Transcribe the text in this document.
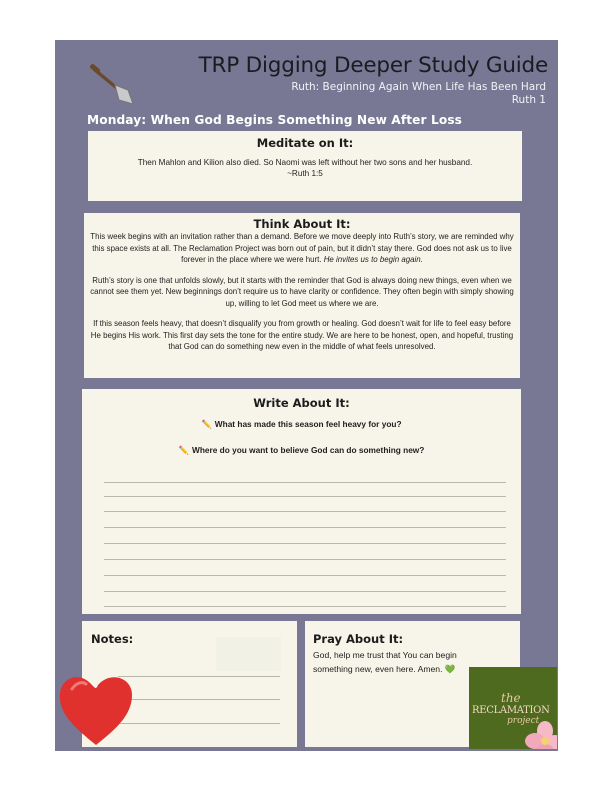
TRP Digging Deeper Study Guide
Ruth: Beginning Again When Life Has Been Hard
Ruth 1
Monday: When God Begins Something New After Loss
Meditate on It:
Then Mahlon and Kilion also died. So Naomi was left without her two sons and her husband.
~Ruth 1:5
Think About It:

This week begins with an invitation rather than a demand. Before we move deeply into Ruth’s story, we are reminded why this space exists at all. The Reclamation Project was born out of pain, but it didn’t stay there. God does not ask us to live forever in the place where we were hurt. He invites us to begin again.

Ruth’s story is one that unfolds slowly, but it starts with the reminder that God is always doing new things, even when we cannot see them yet. New beginnings don’t require us to have clarity or confidence. They often begin with simply showing up, willing to let God meet us where we are.

If this season feels heavy, that doesn’t disqualify you from growth or healing. God doesn’t wait for life to feel easy before He begins His work. This first day sets the tone for the entire study. We are here to be honest, open, and hopeful, trusting that God can do something new even in the middle of what feels unresolved.

Write About It:
✏️ What has made this season feel heavy for you?
✏️ Where do you want to believe God can do something new?
Notes:	Pray About It:
God, help me trust that You can begin something new, even here. Amen. 💚
the
RECLAMATION
project
